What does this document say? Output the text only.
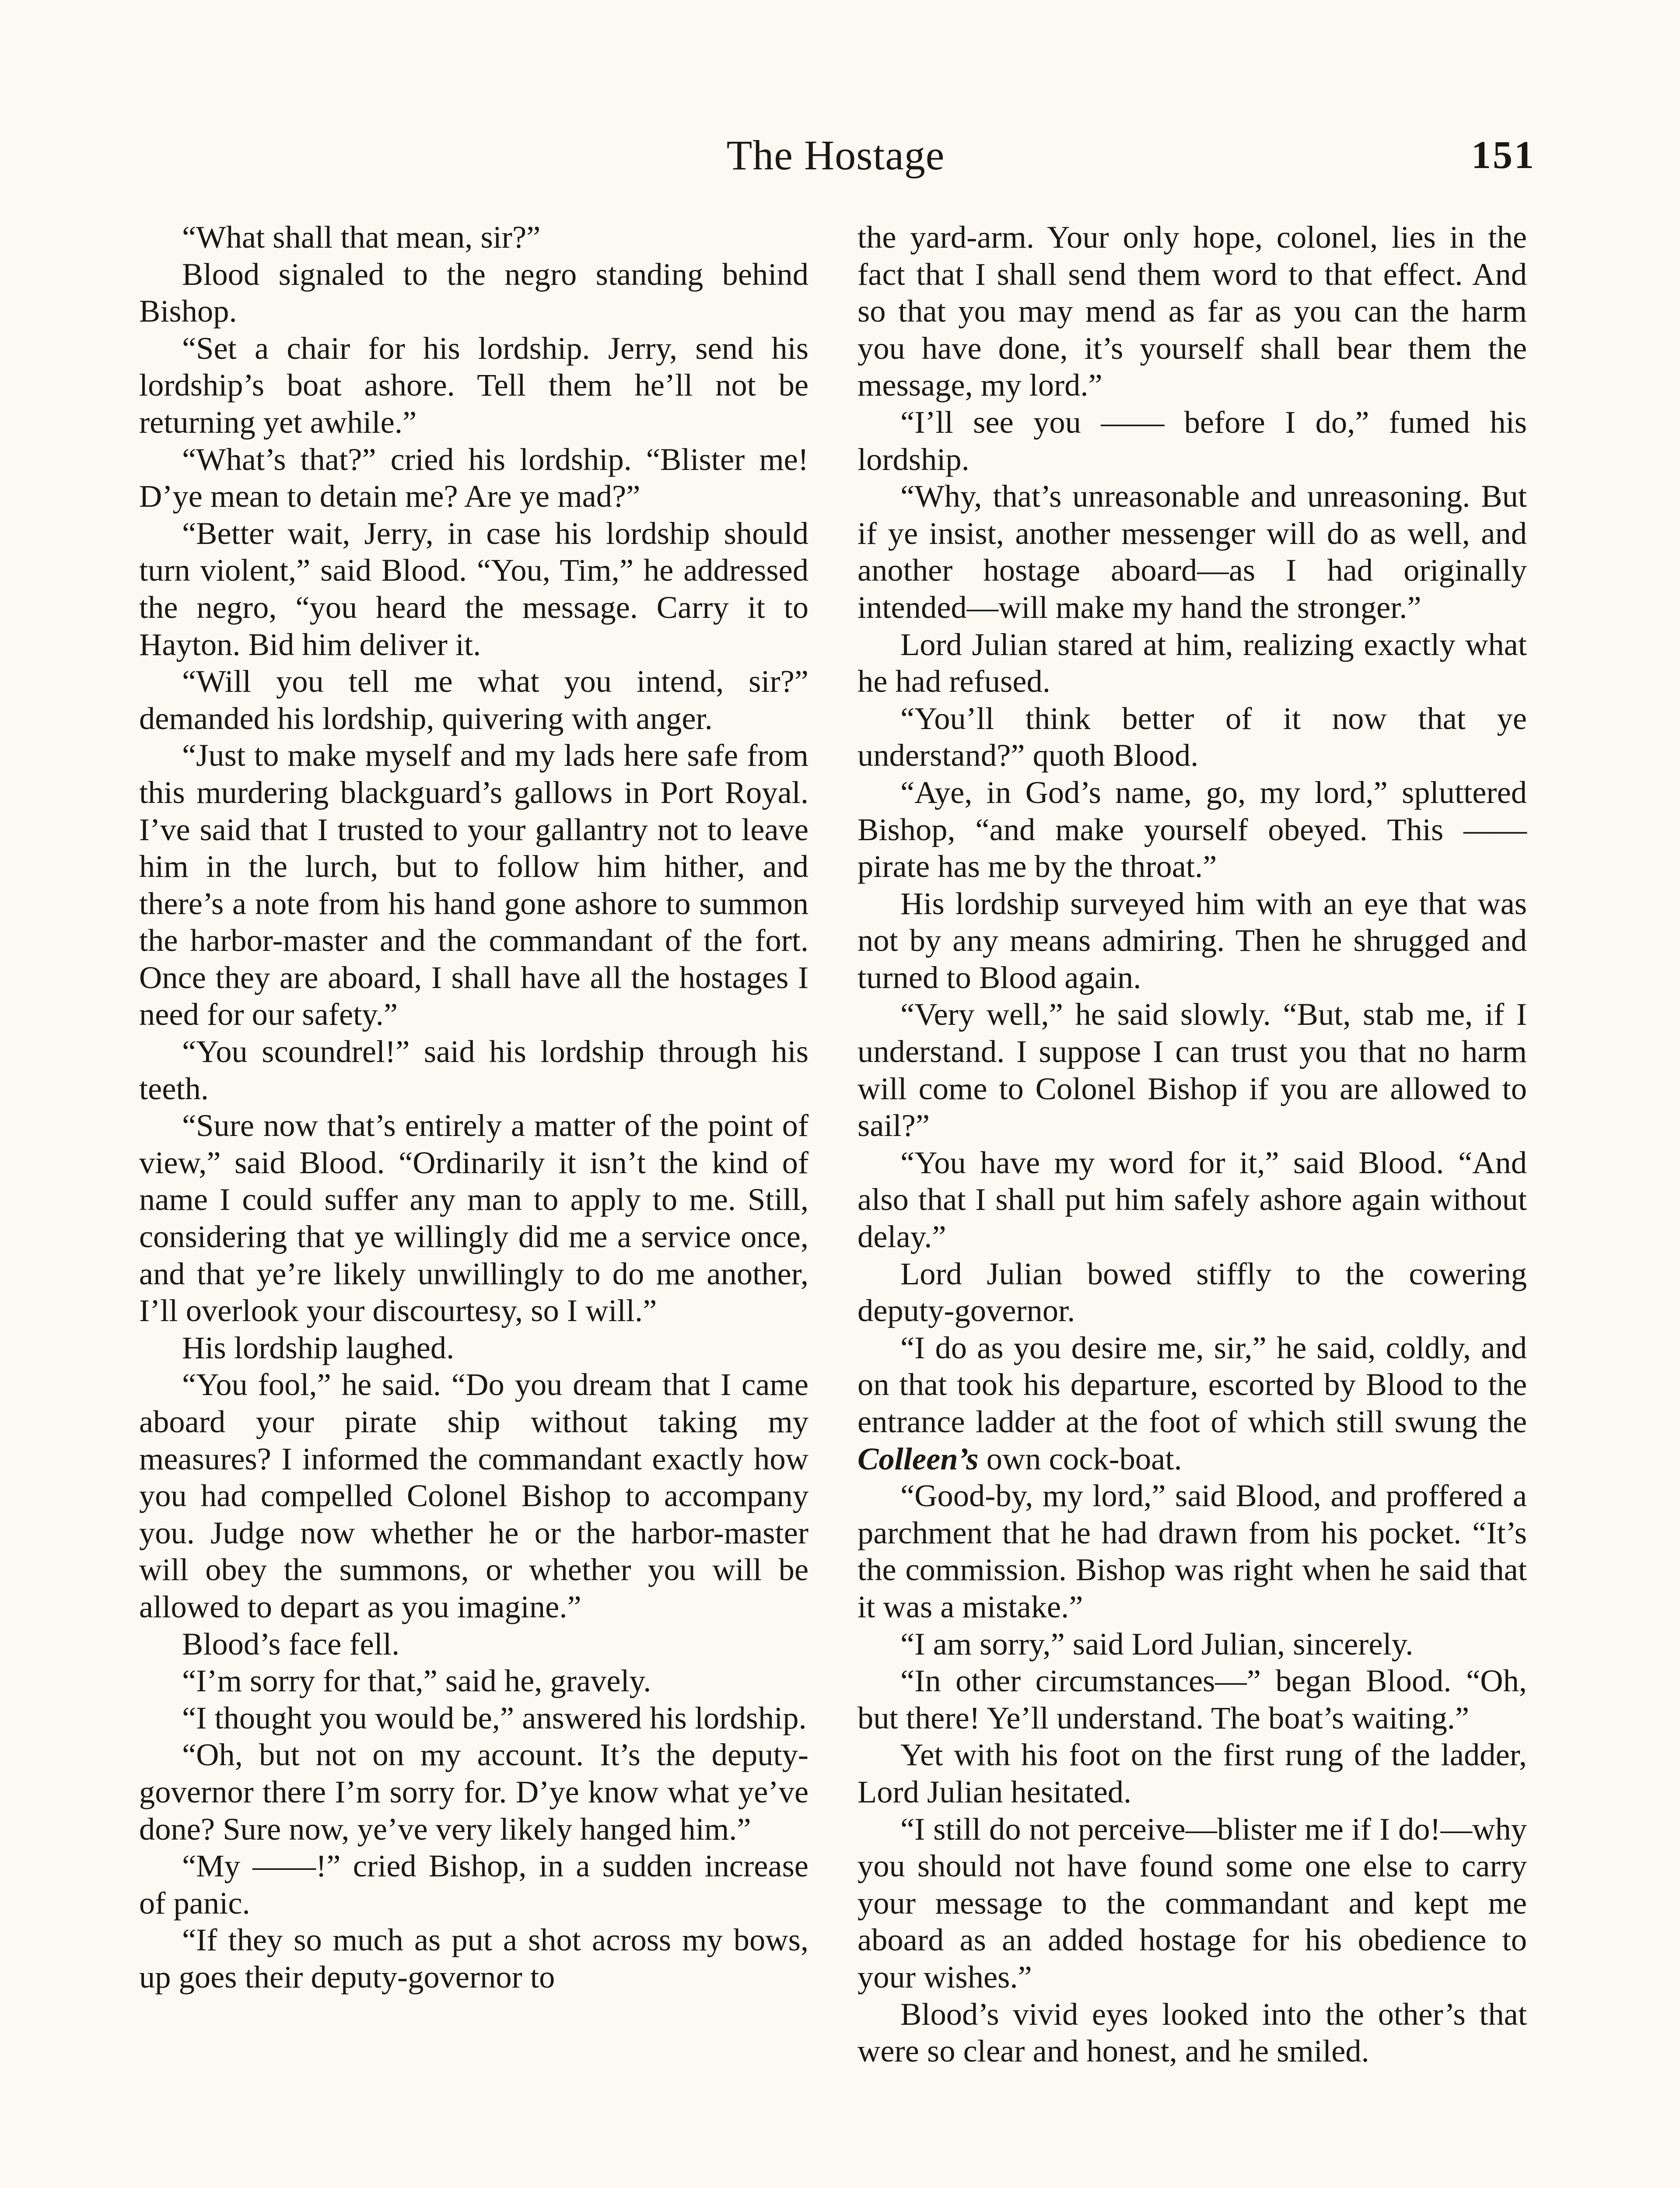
The Hostage	151

“What shall that mean, sir?”

Blood signaled to the negro standing behind Bishop.

“Set a chair for his lordship. Jerry, send his lordship’s boat ashore. Tell them he’ll not be returning yet awhile.”

“What’s that?” cried his lordship. “Blister me! D’ye mean to detain me? Are ye mad?”

“Better wait, Jerry, in case his lordship should turn violent,” said Blood. “You, Tim,” he addressed the negro, “you heard the message. Carry it to Hayton. Bid him deliver it.

“Will you tell me what you intend, sir?” demanded his lordship, quivering with anger.

“Just to make myself and my lads here safe from this murdering blackguard’s gallows in Port Royal. I’ve said that I trusted to your gallantry not to leave him in the lurch, but to follow him hither, and there’s a note from his hand gone ashore to summon the harbor-master and the commandant of the fort. Once they are aboard, I shall have all the hostages I need for our safety.”

“You scoundrel!” said his lordship through his teeth.

“Sure now that’s entirely a matter of the point of view,” said Blood. “Ordinarily it isn’t the kind of name I could suffer any man to apply to me. Still, considering that ye willingly did me a service once, and that ye’re likely unwillingly to do me another, I’ll overlook your discourtesy, so I will.”

His lordship laughed.

“You fool,” he said. “Do you dream that I came aboard your pirate ship without taking my measures? I informed the commandant exactly how you had compelled Colonel Bishop to accompany you. Judge now whether he or the harbor-master will obey the summons, or whether you will be allowed to depart as you imagine.”

Blood’s face fell.

“I’m sorry for that,” said he, gravely.

“I thought you would be,” answered his lordship.

“Oh, but not on my account. It’s the deputy-governor there I’m sorry for. D’ye know what ye’ve done? Sure now, ye’ve very likely hanged him.”

“My ——!” cried Bishop, in a sudden increase of panic.

“If they so much as put a shot across my bows, up goes their deputy-governor to

the yard-arm. Your only hope, colonel, lies in the fact that I shall send them word to that effect. And so that you may mend as far as you can the harm you have done, it’s yourself shall bear them the message, my lord.”

“I’ll see you —— before I do,” fumed his lordship.

“Why, that’s unreasonable and unreasoning. But if ye insist, another messenger will do as well, and another hostage aboard—as I had originally intended—will make my hand the stronger.”

Lord Julian stared at him, realizing exactly what he had refused.

“You’ll think better of it now that ye understand?” quoth Blood.

“Aye, in God’s name, go, my lord,” spluttered Bishop, “and make yourself obeyed. This —— pirate has me by the throat.”

His lordship surveyed him with an eye that was not by any means admiring. Then he shrugged and turned to Blood again.

“Very well,” he said slowly. “But, stab me, if I understand. I suppose I can trust you that no harm will come to Colonel Bishop if you are allowed to sail?”

“You have my word for it,” said Blood. “And also that I shall put him safely ashore again without delay.”

Lord Julian bowed stiffly to the cowering deputy-governor.

“I do as you desire me, sir,” he said, coldly, and on that took his departure, escorted by Blood to the entrance ladder at the foot of which still swung the Colleen’s own cock-boat.

“Good-by, my lord,” said Blood, and proffered a parchment that he had drawn from his pocket. “It’s the commission. Bishop was right when he said that it was a mistake.”

“I am sorry,” said Lord Julian, sincerely.

“In other circumstances—” began Blood. “Oh, but there! Ye’ll understand. The boat’s waiting.”

Yet with his foot on the first rung of the ladder, Lord Julian hesitated.

“I still do not perceive—blister me if I do!—why you should not have found some one else to carry your message to the commandant and kept me aboard as an added hostage for his obedience to your wishes.”

Blood’s vivid eyes looked into the other’s that were so clear and honest, and he smiled.
